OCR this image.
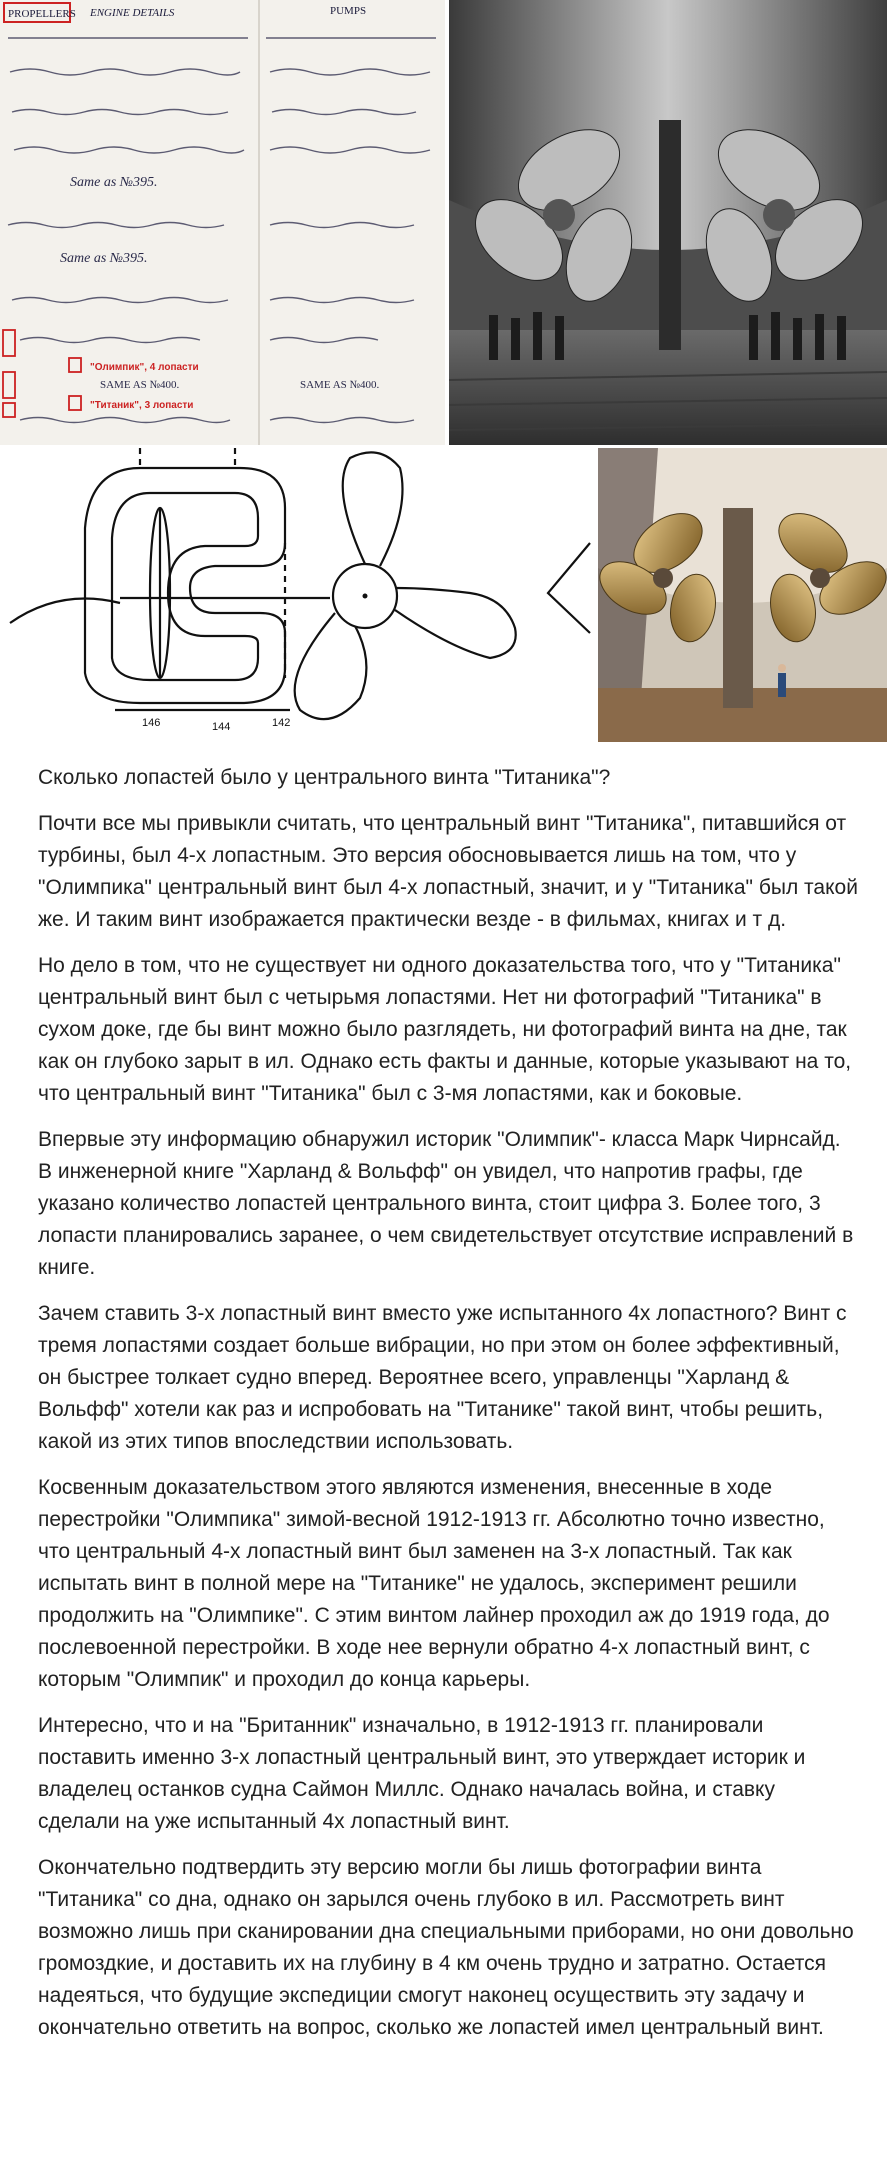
PROPELLERS ENGINE DETAILS	PUMPS
Same as №395.
Same as №395.
"Олимпик", 4 лопасти
"Титаник", 3 лопасти
SAME AS №400.	SAME AS №400.
146	144	142

Сколько лопастей было у центрального винта "Титаника"?

Почти все мы привыкли считать, что центральный винт "Титаника", питавшийся от турбины, был 4-х лопастным. Это версия обосновывается лишь на том, что у "Олимпика" центральный винт был 4-х лопастный, значит, и у "Титаника" был такой же. И таким винт изображается практически везде - в фильмах, книгах и т д.

Но дело в том, что не существует ни одного доказательства того, что у "Титаника" центральный винт был с четырьмя лопастями. Нет ни фотографий "Титаника" в сухом доке, где бы винт можно было разглядеть, ни фотографий винта на дне, так как он глубоко зарыт в ил. Однако есть факты и данные, которые указывают на то, что центральный винт "Титаника" был с 3-мя лопастями, как и боковые.

Впервые эту информацию обнаружил историк "Олимпик"- класса Марк Чирнсайд. В инженерной книге "Харланд & Вольфф" он увидел, что напротив графы, где указано количество лопастей центрального винта, стоит цифра 3. Более того, 3 лопасти планировались заранее, о чем свидетельствует отсутствие исправлений в книге.

Зачем ставить 3-х лопастный винт вместо уже испытанного 4х лопастного? Винт с тремя лопастями создает больше вибрации, но при этом он более эффективный, он быстрее толкает судно вперед. Вероятнее всего, управленцы "Харланд & Вольфф" хотели как раз и испробовать на "Титанике" такой винт, чтобы решить, какой из этих типов впоследствии использовать.

Косвенным доказательством этого являются изменения, внесенные в ходе перестройки "Олимпика" зимой-весной 1912-1913 гг. Абсолютно точно известно, что центральный 4-х лопастный винт был заменен на 3-х лопастный. Так как испытать винт в полной мере на "Титанике" не удалось, эксперимент решили продолжить на "Олимпике". С этим винтом лайнер проходил аж до 1919 года, до послевоенной перестройки. В ходе нее вернули обратно 4-х лопастный винт, с которым "Олимпик" и проходил до конца карьеры.

Интересно, что и на "Британник" изначально, в 1912-1913 гг. планировали поставить именно 3-х лопастный центральный винт, это утверждает историк и владелец останков судна Саймон Миллс. Однако началась война, и ставку сделали на уже испытанный 4х лопастный винт.

Окончательно подтвердить эту версию могли бы лишь фотографии винта "Титаника" со дна, однако он зарылся очень глубоко в ил. Рассмотреть винт возможно лишь при сканировании дна специальными приборами, но они довольно громоздкие, и доставить их на глубину в 4 км очень трудно и затратно. Остается надеяться, что будущие экспедиции смогут наконец осуществить эту задачу и окончательно ответить на вопрос, сколько же лопастей имел центральный винт.
